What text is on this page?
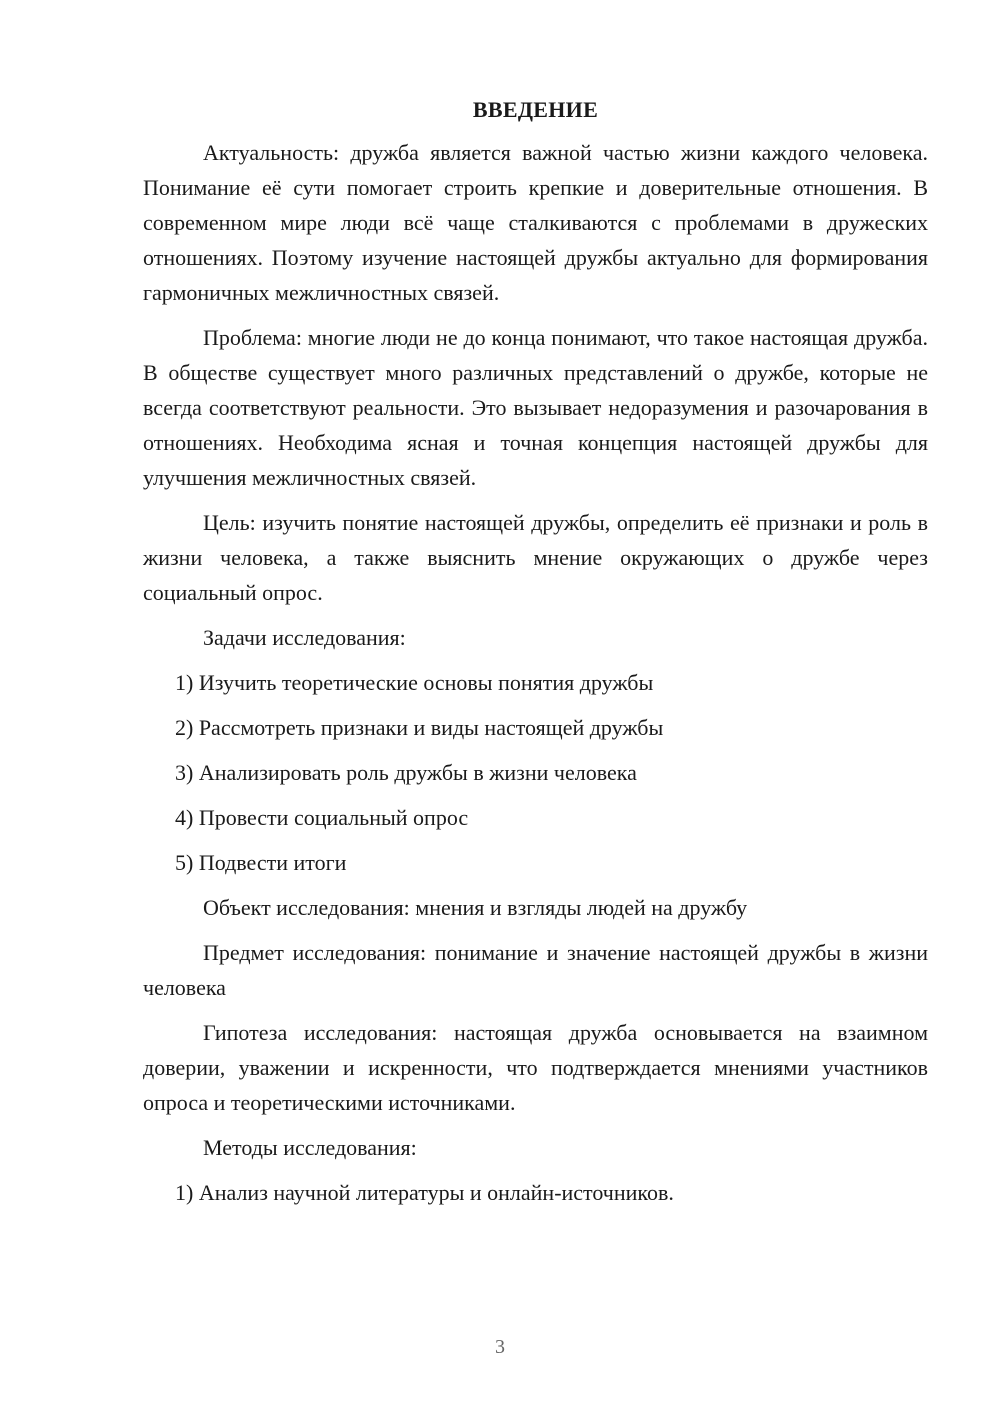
ВВЕДЕНИЕ

Актуальность: дружба является важной частью жизни каждого человека. Понимание её сути помогает строить крепкие и доверительные отношения. В современном мире люди всё чаще сталкиваются с проблемами в дружеских отношениях. Поэтому изучение настоящей дружбы актуально для формирования гармоничных межличностных связей.

Проблема: многие люди не до конца понимают, что такое настоящая дружба. В обществе существует много различных представлений о дружбе, которые не всегда соответствуют реальности. Это вызывает недоразумения и разочарования в отношениях. Необходима ясная и точная концепция настоящей дружбы для улучшения межличностных связей.

Цель: изучить понятие настоящей дружбы, определить её признаки и роль в жизни человека, а также выяснить мнение окружающих о дружбе через социальный опрос.

Задачи исследования:
1) Изучить теоретические основы понятия дружбы
2) Рассмотреть признаки и виды настоящей дружбы
3) Анализировать роль дружбы в жизни человека
4) Провести социальный опрос
5) Подвести итоги
Объект исследования: мнения и взгляды людей на дружбу

Предмет исследования: понимание и значение настоящей дружбы в жизни человека

Гипотеза исследования: настоящая дружба основывается на взаимном доверии, уважении и искренности, что подтверждается мнениями участников опроса и теоретическими источниками.

Методы исследования:
1) Анализ научной литературы и онлайн-источников.
3
